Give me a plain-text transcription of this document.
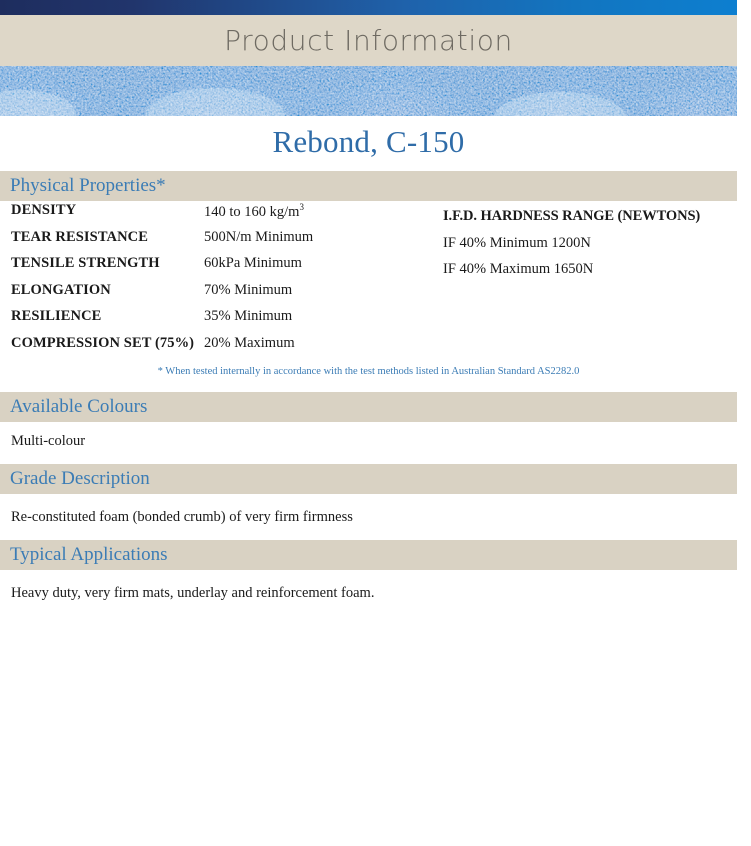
Product Information
Rebond, C-150
Physical Properties*
DENSITY	140 to 160 $kg/m^3$
TEAR RESISTANCE	500N/m Minimum
TENSILE STRENGTH	60kPa Minimum
ELONGATION	70% Minimum
RESILIENCE	35% Minimum
COMPRESSION SET (75%) 20% Maximum
I.F.D. HARDNESS RANGE (NEWTONS)
IF 40% Minimum 1200N
IF 40% Maximum 1650N
* When tested internally in accordance with the test methods listed in Australian Standard AS2282.0
Available Colours
Multi-colour
Grade Description
Re-constituted foam (bonded crumb) of very firm firmness
Typical Applications
Heavy duty, very firm mats, underlay and reinforcement foam.
